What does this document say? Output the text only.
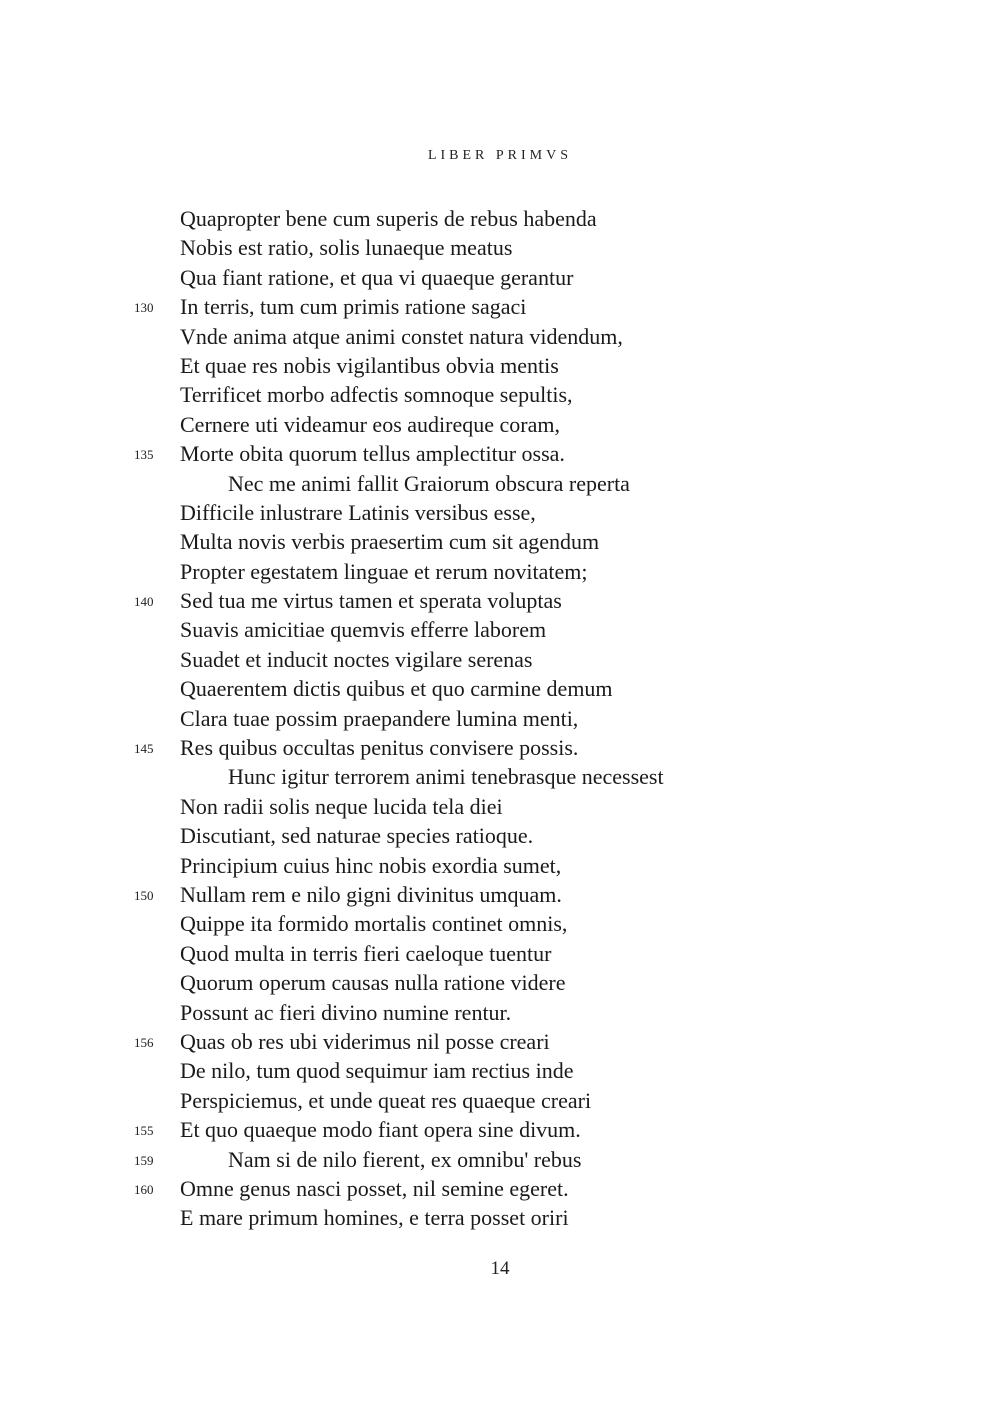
LIBER PRIMVS
Quapropter bene cum superis de rebus habenda
Nobis est ratio, solis lunaeque meatus
Qua fiant ratione, et qua vi quaeque gerantur
130 In terris, tum cum primis ratione sagaci
Vnde anima atque animi constet natura videndum,
Et quae res nobis vigilantibus obvia mentis
Terrificet morbo adfectis somnoque sepultis,
Cernere uti videamur eos audireque coram,
135 Morte obita quorum tellus amplectitur ossa.
Nec me animi fallit Graiorum obscura reperta
Difficile inlustrare Latinis versibus esse,
Multa novis verbis praesertim cum sit agendum
Propter egestatem linguae et rerum novitatem;
140 Sed tua me virtus tamen et sperata voluptas
Suavis amicitiae quemvis efferre laborem
Suadet et inducit noctes vigilare serenas
Quaerentem dictis quibus et quo carmine demum
Clara tuae possim praepandere lumina menti,
145 Res quibus occultas penitus convisere possis.
Hunc igitur terrorem animi tenebrasque necessest
Non radii solis neque lucida tela diei
Discutiant, sed naturae species ratioque.
Principium cuius hinc nobis exordia sumet,
150 Nullam rem e nilo gigni divinitus umquam.
Quippe ita formido mortalis continet omnis,
Quod multa in terris fieri caeloque tuentur
Quorum operum causas nulla ratione videre
Possunt ac fieri divino numine rentur.
156 Quas ob res ubi viderimus nil posse creari
De nilo, tum quod sequimur iam rectius inde
Perspiciemus, et unde queat res quaeque creari
155 Et quo quaeque modo fiant opera sine divum.
159	Nam si de nilo fierent, ex omnibu' rebus
160 Omne genus nasci posset, nil semine egeret.
E mare primum homines, e terra posset oriri
14
